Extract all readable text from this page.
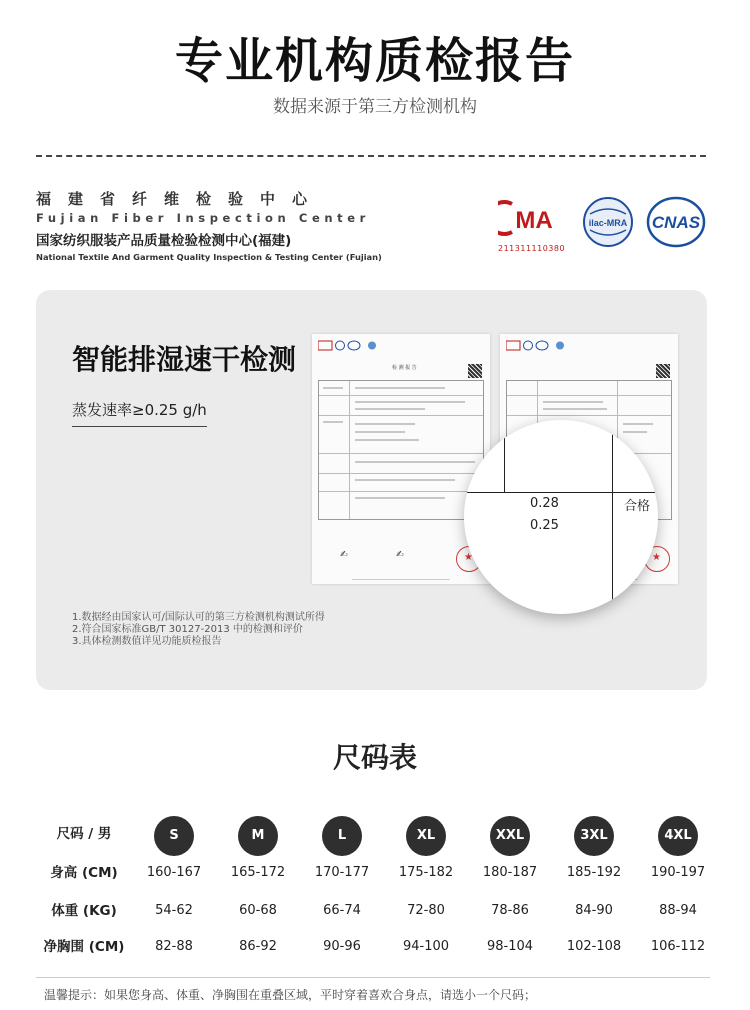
专业机构质检报告
数据来源于第三方检测机构
福建省纤维检验中心
Fujian Fiber Inspection Center
国家纺织服装产品质量检验检测中心(福建)
National Textile And Garment Quality Inspection & Testing Center (Fujian)
MA
211311110380
ilac-MRA CNAS
智能排湿速干检测
蒸发速率≥0.25 g/h
检 测 报 告
✍	✍
★
★
0.28
0.25
合格
1.数据经由国家认可/国际认可的第三方检测机构测试所得
2.符合国家标准GB/T 30127-2013 中的检测和评价
3.具体检测数值详见功能质检报告
尺码表
尺码 / 男	S	M	L	XL	XXL	3XL	4XL
身高 (CM)	160-167	165-172	170-177	175-182	180-187	185-192	190-197
体重 (KG)	54-62	60-68	66-74	72-80	78-86	84-90	88-94
净胸围 (CM)	82-88	86-92	90-96	94-100	98-104	102-108	106-112
温馨提示：如果您身高、体重、净胸围在重叠区域，平时穿着喜欢合身点，请选小一个尺码；
